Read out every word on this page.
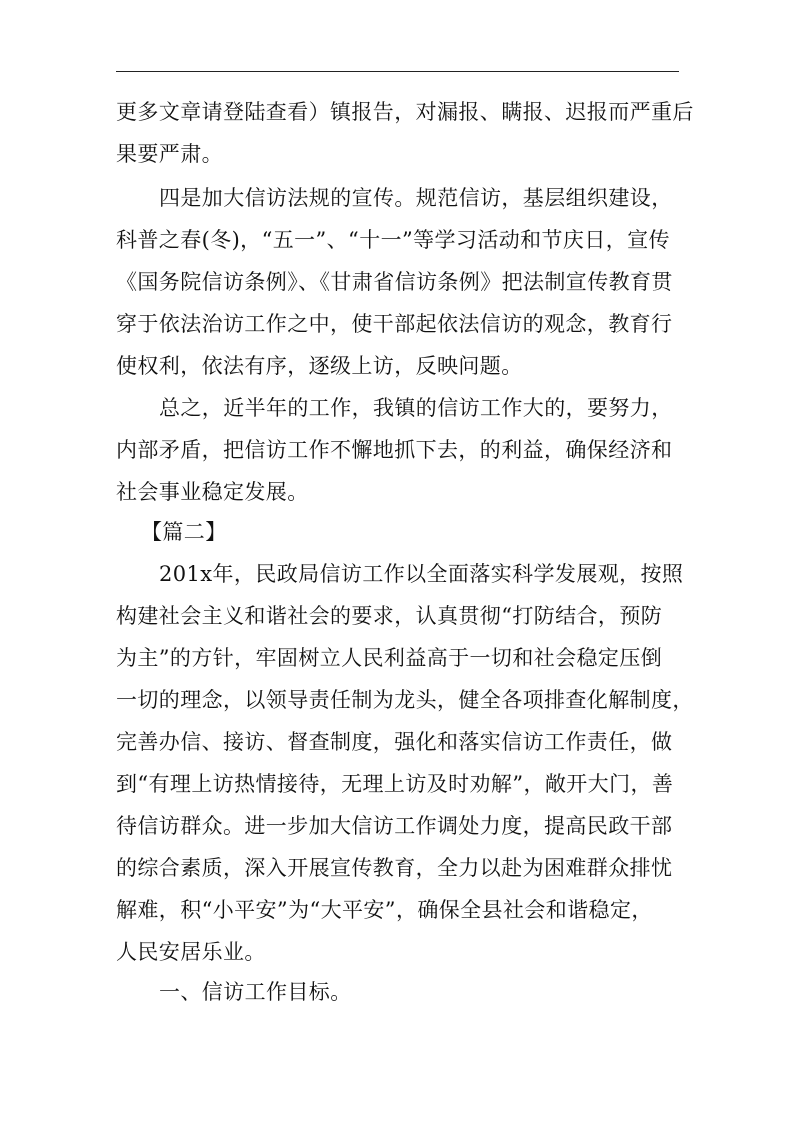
更多文章请登陆查看）镇报告，对漏报、瞒报、迟报而严重后
果要严肃。
四是加大信访法规的宣传。规范信访，基层组织建设，
科普之春(冬)，“五一”、“十一”等学习活动和节庆日，宣传
《国务院信访条例》、《甘肃省信访条例》把法制宣传教育贯
穿于依法治访工作之中，使干部起依法信访的观念，教育行
使权利，依法有序，逐级上访，反映问题。
总之，近半年的工作，我镇的信访工作大的，要努力，
内部矛盾，把信访工作不懈地抓下去，的利益，确保经济和
社会事业稳定发展。
【篇二】
201x年，民政局信访工作以全面落实科学发展观，按照
构建社会主义和谐社会的要求，认真贯彻“打防结合，预防
为主”的方针，牢固树立人民利益高于一切和社会稳定压倒
一切的理念，以领导责任制为龙头，健全各项排查化解制度，
完善办信、接访、督查制度，强化和落实信访工作责任，做
到“有理上访热情接待，无理上访及时劝解”，敞开大门，善
待信访群众。进一步加大信访工作调处力度，提高民政干部
的综合素质，深入开展宣传教育，全力以赴为困难群众排忧
解难，积“小平安”为“大平安”，确保全县社会和谐稳定，
人民安居乐业。
一、信访工作目标。
